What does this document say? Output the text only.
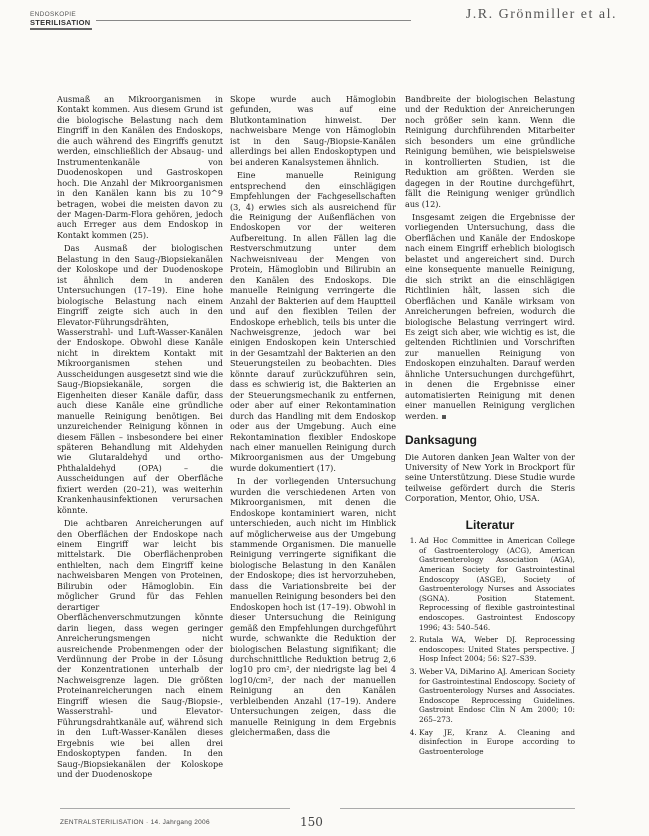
ENDOSKOPIE
STERILISATION
J.R. Grönmiller et al.

Ausmaß an Mikroorganismen in Kontakt kommen. Aus diesem Grund ist die biologische Belastung nach dem Eingriff in den Kanälen des Endoskops, die auch während des Eingriffs genutzt werden, einschließlich der Absaug- und Instrumentenkanäle von Duodenoskopen und Gastroskopen hoch. Die Anzahl der Mikroorganismen in den Kanälen kann bis zu 10^9 betragen, wobei die meisten davon zu der Magen-Darm-Flora gehören, jedoch auch Erreger aus dem Endoskop in Kontakt kommen (25).

Das Ausmaß der biologischen Belastung in den Saug-/Biopsiekanälen der Koloskope und der Duodenoskope ist ähnlich dem in anderen Untersuchungen (17–19). Eine hohe biologische Belastung nach einem Eingriff zeigte sich auch in den Elevator-Führungsdrähten, Wasserstrahl- und Luft-Wasser-Kanälen der Endoskope. Obwohl diese Kanäle nicht in direktem Kontakt mit Mikroorganismen stehen und Ausscheidungen ausgesetzt sind wie die Saug-/Biopsiekanäle, sorgen die Eigenheiten dieser Kanäle dafür, dass auch diese Kanäle eine gründliche manuelle Reinigung benötigen. Bei unzureichender Reinigung können in diesem Fällen – insbesondere bei einer späteren Behandlung mit Aldehyden wie Glutaraldehyd und ortho-Phthalaldehyd (OPA) – die Ausscheidungen auf der Oberfläche fixiert werden (20–21), was weiterhin Krankenhausinfektionen verursachen könnte.

Die achtbaren Anreicherungen auf den Oberflächen der Endoskope nach einem Eingriff war leicht bis mittelstark. Die Oberflächenproben enthielten, nach dem Eingriff keine nachweisbaren Mengen von Proteinen, Bilirubin oder Hämoglobin. Ein möglicher Grund für das Fehlen derartiger Oberflächenverschmutzungen könnte darin liegen, dass wegen geringer Anreicherungsmengen nicht ausreichende Probenmengen oder der Verdünnung der Probe in der Lösung der Konzentrationen unterhalb der Nachweisgrenze lagen. Die größten Proteinanreicherungen nach einem Eingriff wiesen die Saug-/Biopsie-, Wasserstrahl- und Elevator-Führungsdrahtkanäle auf, während sich in den Luft-Wasser-Kanälen dieses Ergebnis wie bei allen drei Endoskoptypen fanden. In den Saug-/Biopsiekanälen der Koloskope und der Duodenoskope

Skope wurde auch Hämoglobin gefunden, was auf eine Blutkontamination hinweist. Der nachweisbare Menge von Hämoglobin ist in den Saug-/Biopsie-Kanälen allerdings bei allen Endoskoptypen und bei anderen Kanalsystemen ähnlich.

Eine manuelle Reinigung entsprechend den einschlägigen Empfehlungen der Fachgesellschaften (3, 4) erwies sich als ausreichend für die Reinigung der Außenflächen von Endoskopen vor der weiteren Aufbereitung. In allen Fällen lag die Restverschmutzung unter dem Nachweisniveau der Mengen von Protein, Hämoglobin und Bilirubin an den Kanälen des Endoskops. Die manuelle Reinigung verringerte die Anzahl der Bakterien auf dem Hauptteil und auf den flexiblen Teilen der Endoskope erheblich, teils bis unter die Nachweisgrenze, jedoch war bei einigen Endoskopen kein Unterschied in der Gesamtzahl der Bakterien an den Steuerungsteilen zu beobachten. Dies könnte darauf zurückzuführen sein, dass es schwierig ist, die Bakterien an der Steuerungsmechanik zu entfernen, oder aber auf einer Rekontamination durch das Handling mit dem Endoskop oder aus der Umgebung. Auch eine Rekontamination flexibler Endoskope nach einer manuellen Reinigung durch Mikroorganismen aus der Umgebung wurde dokumentiert (17).

In der vorliegenden Untersuchung wurden die verschiedenen Arten von Mikroorganismen, mit denen die Endoskope kontaminiert waren, nicht unterschieden, auch nicht im Hinblick auf möglicherweise aus der Umgebung stammende Organismen. Die manuelle Reinigung verringerte signifikant die biologische Belastung in den Kanälen der Endoskope; dies ist hervorzuheben, dass die Variationsbreite bei der manuellen Reinigung besonders bei den Endoskopen hoch ist (17–19). Obwohl in dieser Untersuchung die Reinigung gemäß den Empfehlungen durchgeführt wurde, schwankte die Reduktion der biologischen Belastung signifikant; die durchschnittliche Reduktion betrug 2,6 log10 pro cm², der niedrigste lag bei 4 log10/cm², der nach der manuellen Reinigung an den Kanälen verbleibenden Anzahl (17–19). Andere Untersuchungen zeigen, dass die manuelle Reinigung in dem Ergebnis gleichermaßen, dass die

Bandbreite der biologischen Belastung und der Reduktion der Anreicherungen noch größer sein kann. Wenn die Reinigung durchführenden Mitarbeiter sich besonders um eine gründliche Reinigung bemühen, wie beispielsweise in kontrollierten Studien, ist die Reduktion am größten. Werden sie dagegen in der Routine durchgeführt, fällt die Reinigung weniger gründlich aus (12).

Insgesamt zeigen die Ergebnisse der vorliegenden Untersuchung, dass die Oberflächen und Kanäle der Endoskope nach einem Eingriff erheblich biologisch belastet und angereichert sind. Durch eine konsequente manuelle Reinigung, die sich strikt an die einschlägigen Richtlinien hält, lassen sich die Oberflächen und Kanäle wirksam von Anreicherungen befreien, wodurch die biologische Belastung verringert wird. Es zeigt sich aber, wie wichtig es ist, die geltenden Richtlinien und Vorschriften zur manuellen Reinigung von Endoskopen einzuhalten. Darauf werden ähnliche Untersuchungen durchgeführt, in denen die Ergebnisse einer automatisierten Reinigung mit denen einer manuellen Reinigung verglichen werden.

Danksagung

Die Autoren danken Jean Walter von der University of New York in Brockport für seine Unterstützung. Diese Studie wurde teilweise gefördert durch die Steris Corporation, Mentor, Ohio, USA.

Literatur
1. Ad Hoc Committee in American College of Gastroenterology (ACG), American Gastroenterology Association (AGA), American Society for Gastrointestinal Endoscopy (ASGE), Society of Gastroenterology Nurses and Associates (SGNA). Position Statement. Reprocessing of flexible gastrointestinal endoscopes. Gastrointest Endoscopy 1996; 43: 540–546.
2. Rutala WA, Weber DJ. Reprocessing endoscopes: United States perspective. J Hosp Infect 2004; 56: S27–S39.
3. Weber VA, DiMarino AJ. American Society for Gastrointestinal Endoscopy. Society of Gastroenterology Nurses and Associates. Endoscope Reprocessing Guidelines. Gastroint Endosc Clin N Am 2000; 10: 265–273.
4. Kay JE, Kranz A. Cleaning and disinfection in Europe according to Gastroenterologe
ZENTRALSTERILISATION · 14. Jahrgang 2006	150
